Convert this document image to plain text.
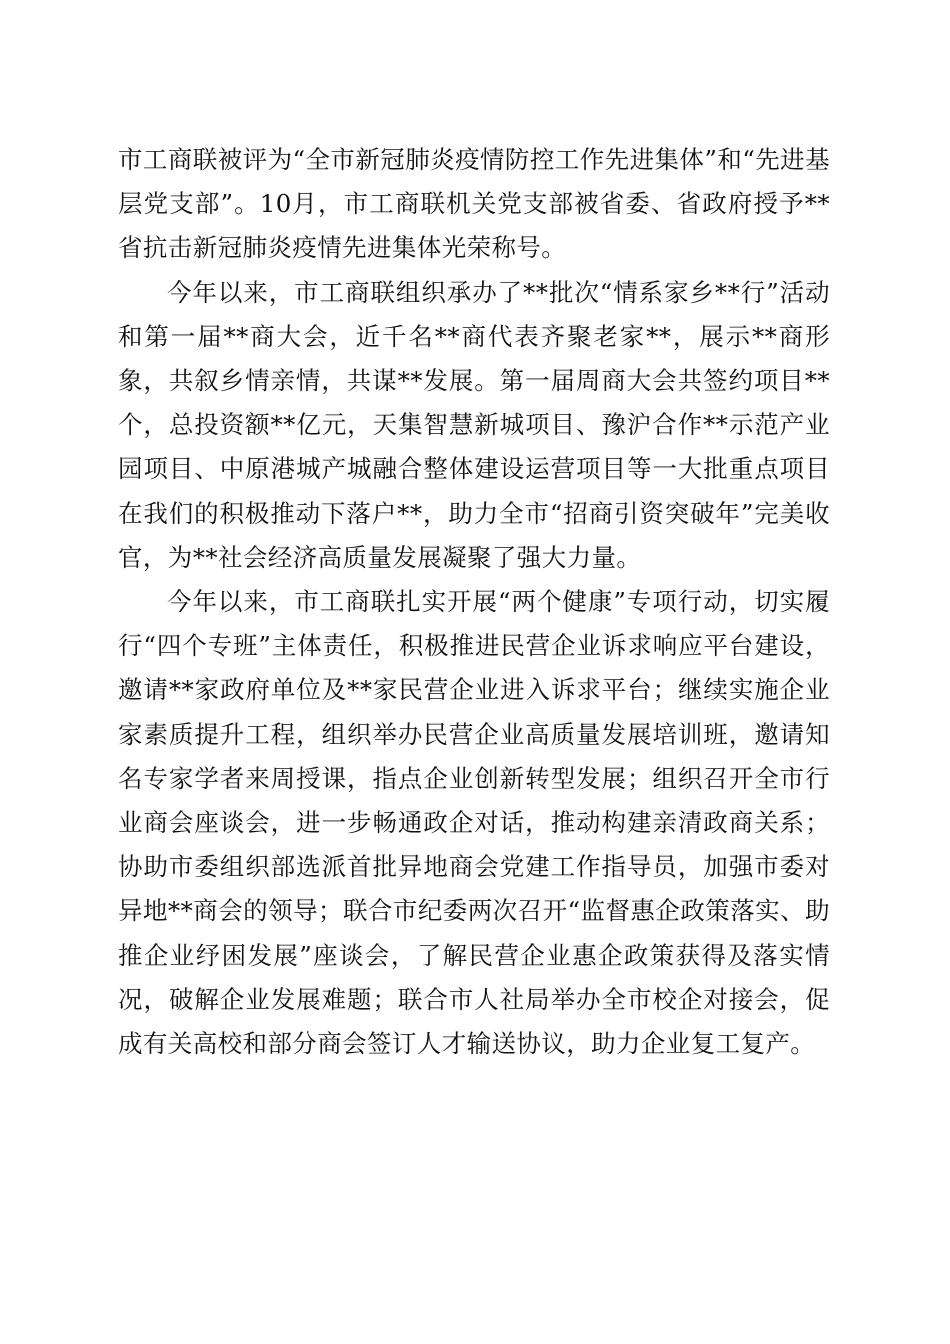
市工商联被评为“全市新冠肺炎疫情防控工作先进集体”和“先进基层党支部”。10月，市工商联机关党支部被省委、省政府授予**省抗击新冠肺炎疫情先进集体光荣称号。

今年以来，市工商联组织承办了**批次“情系家乡**行”活动和第一届**商大会，近千名**商代表齐聚老家**，展示**商形象，共叙乡情亲情，共谋**发展。第一届周商大会共签约项目**个，总投资额**亿元，天集智慧新城项目、豫沪合作**示范产业园项目、中原港城产城融合整体建设运营项目等一大批重点项目在我们的积极推动下落户**，助力全市“招商引资突破年”完美收官，为**社会经济高质量发展凝聚了强大力量。

今年以来，市工商联扎实开展“两个健康”专项行动，切实履行“四个专班”主体责任，积极推进民营企业诉求响应平台建设，邀请**家政府单位及**家民营企业进入诉求平台；继续实施企业家素质提升工程，组织举办民营企业高质量发展培训班，邀请知名专家学者来周授课，指点企业创新转型发展；组织召开全市行业商会座谈会，进一步畅通政企对话，推动构建亲清政商关系；协助市委组织部选派首批异地商会党建工作指导员，加强市委对异地**商会的领导；联合市纪委两次召开“监督惠企政策落实、助推企业纾困发展”座谈会，了解民营企业惠企政策获得及落实情况，破解企业发展难题；联合市人社局举办全市校企对接会，促成有关高校和部分商会签订人才输送协议，助力企业复工复产。
